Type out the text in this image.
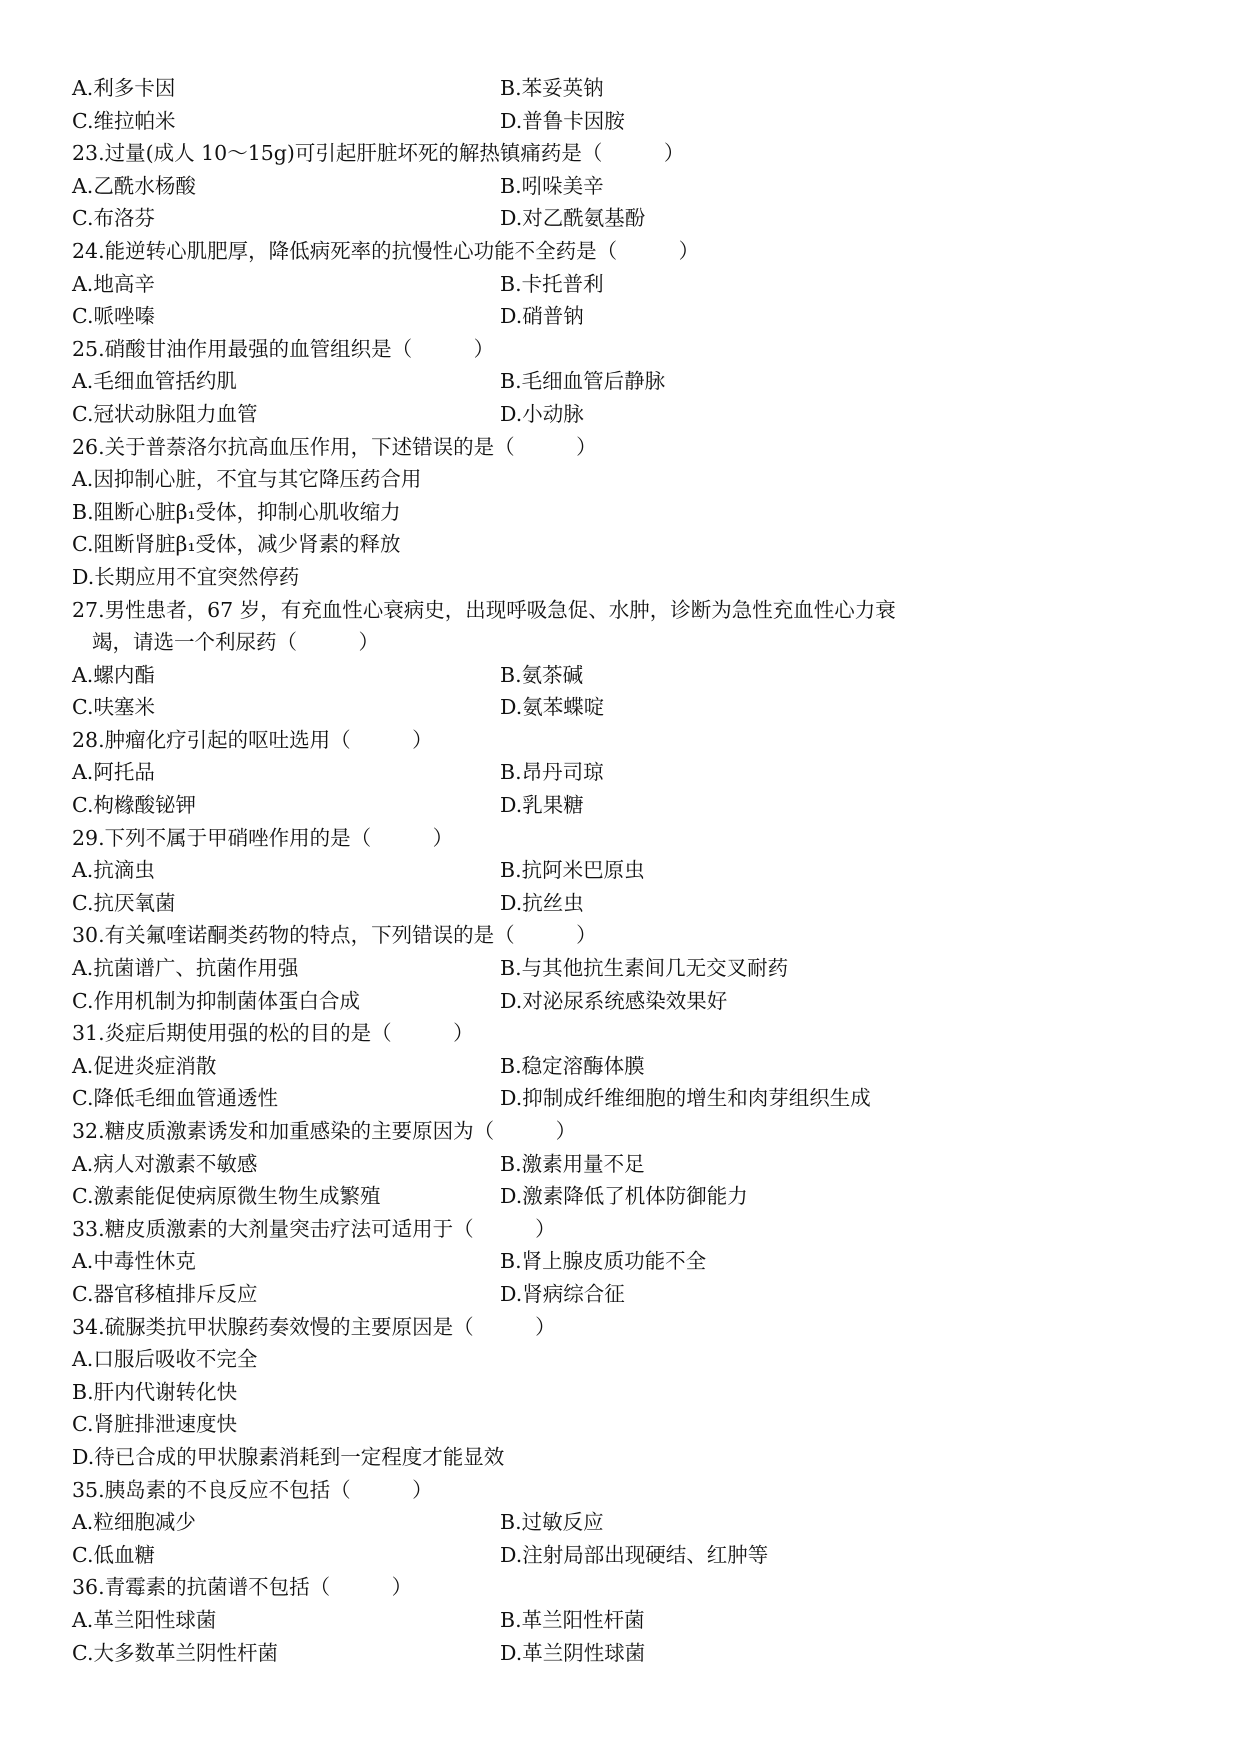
A.利多卡因	B.苯妥英钠
C.维拉帕米	D.普鲁卡因胺
23.过量(成人 10～15g)可引起肝脏坏死的解热镇痛药是（　　　）
A.乙酰水杨酸	B.吲哚美辛
C.布洛芬	D.对乙酰氨基酚
24.能逆转心肌肥厚，降低病死率的抗慢性心功能不全药是（　　　）
A.地高辛	B.卡托普利
C.哌唑嗪	D.硝普钠
25.硝酸甘油作用最强的血管组织是（　　　）
A.毛细血管括约肌	B.毛细血管后静脉
C.冠状动脉阻力血管	D.小动脉
26.关于普萘洛尔抗高血压作用，下述错误的是（　　　）
A.因抑制心脏，不宜与其它降压药合用
B.阻断心脏β₁受体，抑制心肌收缩力
C.阻断肾脏β₁受体，减少肾素的释放
D.长期应用不宜突然停药
27.男性患者，67 岁，有充血性心衰病史，出现呼吸急促、水肿，诊断为急性充血性心力衰
竭，请选一个利尿药（　　　）
A.螺内酯	B.氨茶碱
C.呋塞米	D.氨苯蝶啶
28.肿瘤化疗引起的呕吐选用（　　　）
A.阿托品	B.昂丹司琼
C.枸橼酸铋钾	D.乳果糖
29.下列不属于甲硝唑作用的是（　　　）
A.抗滴虫	B.抗阿米巴原虫
C.抗厌氧菌	D.抗丝虫
30.有关氟喹诺酮类药物的特点，下列错误的是（　　　）
A.抗菌谱广、抗菌作用强	B.与其他抗生素间几无交叉耐药
C.作用机制为抑制菌体蛋白合成	D.对泌尿系统感染效果好
31.炎症后期使用强的松的目的是（　　　）
A.促进炎症消散	B.稳定溶酶体膜
C.降低毛细血管通透性	D.抑制成纤维细胞的增生和肉芽组织生成
32.糖皮质激素诱发和加重感染的主要原因为（　　　）
A.病人对激素不敏感	B.激素用量不足
C.激素能促使病原微生物生成繁殖	D.激素降低了机体防御能力
33.糖皮质激素的大剂量突击疗法可适用于（　　　）
A.中毒性休克	B.肾上腺皮质功能不全
C.器官移植排斥反应	D.肾病综合征
34.硫脲类抗甲状腺药奏效慢的主要原因是（　　　）
A.口服后吸收不完全
B.肝内代谢转化快
C.肾脏排泄速度快
D.待已合成的甲状腺素消耗到一定程度才能显效
35.胰岛素的不良反应不包括（　　　）
A.粒细胞减少	B.过敏反应
C.低血糖	D.注射局部出现硬结、红肿等
36.青霉素的抗菌谱不包括（　　　）
A.革兰阳性球菌	B.革兰阳性杆菌
C.大多数革兰阴性杆菌	D.革兰阴性球菌
